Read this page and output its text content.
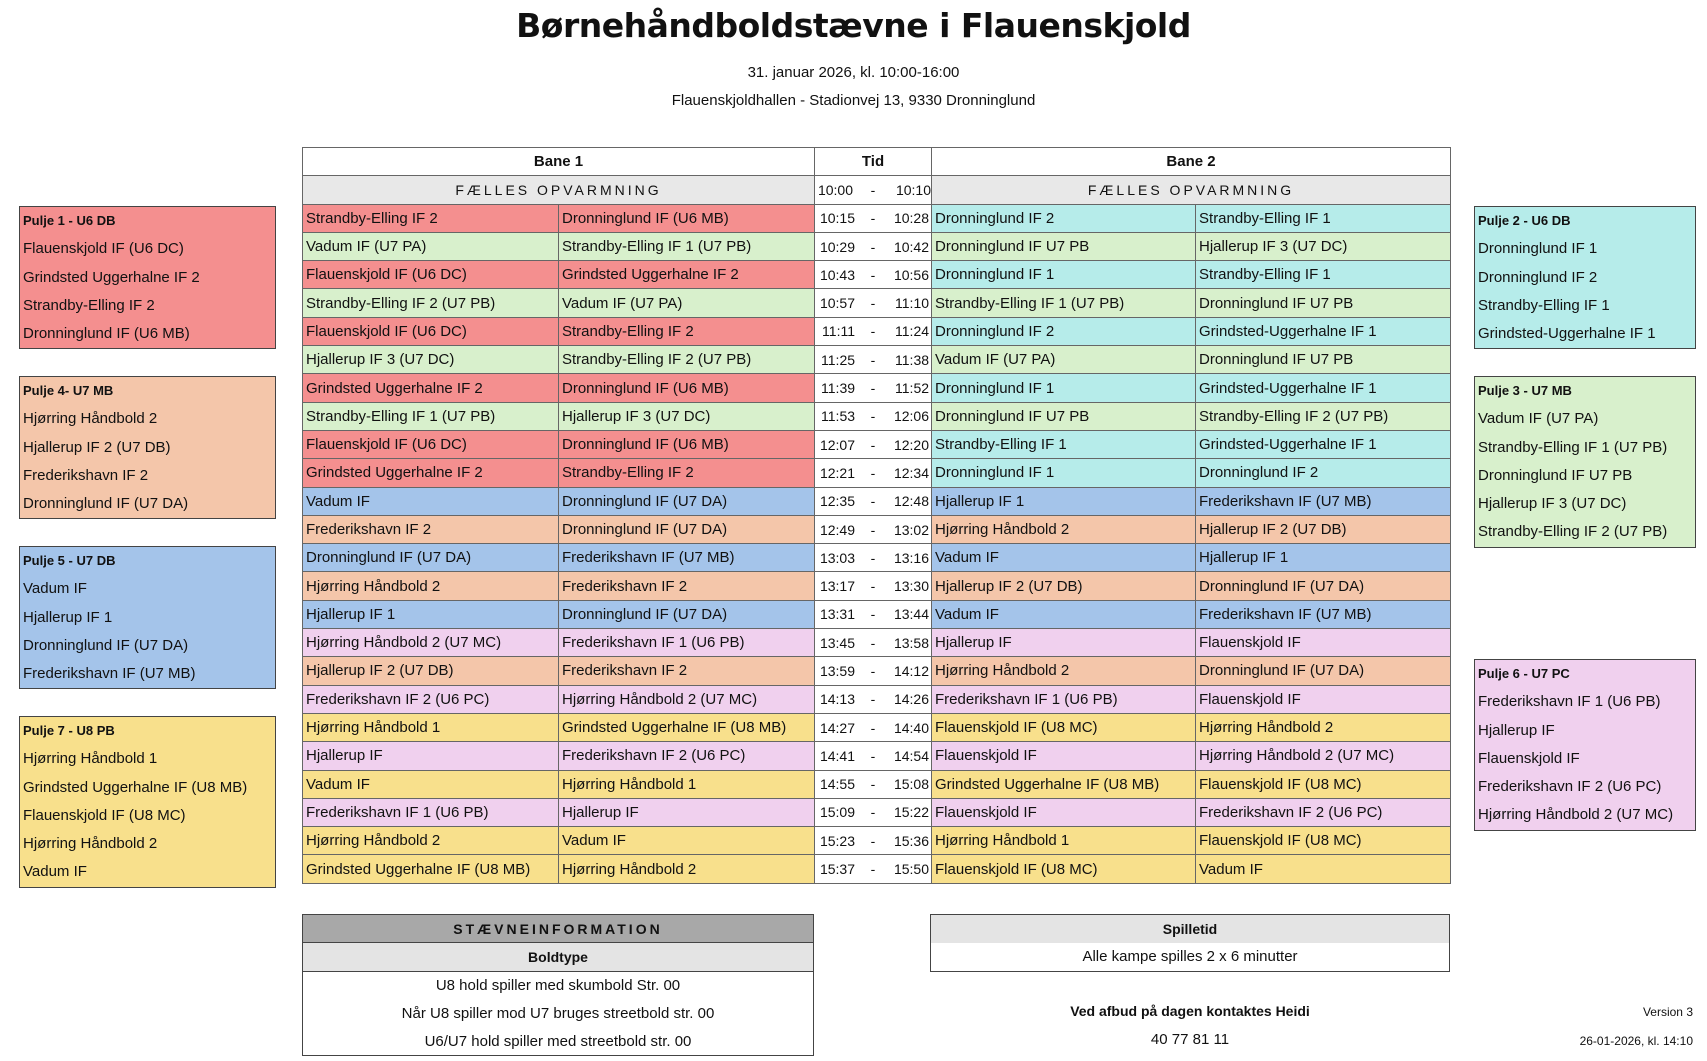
Børnehåndboldstævne i Flauenskjold
31. januar 2026, kl. 10:00-16:00
Flauenskjoldhallen - Stadionvej 13, 9330 Dronninglund
Bane 1		Tid	Bane 2	
FÆLLES OPVARMNING		10:00 - 10:10	FÆLLES OPVARMNING	
Strandby-Elling IF 2	Dronninglund IF (U6 MB)	10:15 - 10:28	Dronninglund IF 2	Strandby-Elling IF 1
Vadum IF (U7 PA)	Strandby-Elling IF 1 (U7 PB)	10:29 - 10:42	Dronninglund IF U7 PB	Hjallerup IF 3 (U7 DC)
Flauenskjold IF (U6 DC)	Grindsted Uggerhalne IF 2	10:43 - 10:56	Dronninglund IF 1	Strandby-Elling IF 1
Strandby-Elling IF 2 (U7 PB)	Vadum IF (U7 PA)	10:57 - 11:10	Strandby-Elling IF 1 (U7 PB)	Dronninglund IF U7 PB
Flauenskjold IF (U6 DC)	Strandby-Elling IF 2	11:11 - 11:24	Dronninglund IF 2	Grindsted-Uggerhalne IF 1
Hjallerup IF 3 (U7 DC)	Strandby-Elling IF 2 (U7 PB)	11:25 - 11:38	Vadum IF (U7 PA)	Dronninglund IF U7 PB
Grindsted Uggerhalne IF 2	Dronninglund IF (U6 MB)	11:39 - 11:52	Dronninglund IF 1	Grindsted-Uggerhalne IF 1
Strandby-Elling IF 1 (U7 PB)	Hjallerup IF 3 (U7 DC)	11:53 - 12:06	Dronninglund IF U7 PB	Strandby-Elling IF 2 (U7 PB)
Flauenskjold IF (U6 DC)	Dronninglund IF (U6 MB)	12:07 - 12:20	Strandby-Elling IF 1	Grindsted-Uggerhalne IF 1
Grindsted Uggerhalne IF 2	Strandby-Elling IF 2	12:21 - 12:34	Dronninglund IF 1	Dronninglund IF 2
Vadum IF	Dronninglund IF (U7 DA)	12:35 - 12:48	Hjallerup IF 1	Frederikshavn IF (U7 MB)
Frederikshavn IF 2	Dronninglund IF (U7 DA)	12:49 - 13:02	Hjørring Håndbold 2	Hjallerup IF 2 (U7 DB)
Dronninglund IF (U7 DA)	Frederikshavn IF (U7 MB)	13:03 - 13:16	Vadum IF	Hjallerup IF 1
Hjørring Håndbold 2	Frederikshavn IF 2	13:17 - 13:30	Hjallerup IF 2 (U7 DB)	Dronninglund IF (U7 DA)
Hjallerup IF 1	Dronninglund IF (U7 DA)	13:31 - 13:44	Vadum IF	Frederikshavn IF (U7 MB)
Hjørring Håndbold 2 (U7 MC)	Frederikshavn IF 1 (U6 PB)	13:45 - 13:58	Hjallerup IF	Flauenskjold IF
Hjallerup IF 2 (U7 DB)	Frederikshavn IF 2	13:59 - 14:12	Hjørring Håndbold 2	Dronninglund IF (U7 DA)
Frederikshavn IF 2 (U6 PC)	Hjørring Håndbold 2 (U7 MC)	14:13 - 14:26	Frederikshavn IF 1 (U6 PB)	Flauenskjold IF
Hjørring Håndbold 1	Grindsted Uggerhalne IF (U8 MB)	14:27 - 14:40	Flauenskjold IF (U8 MC)	Hjørring Håndbold 2
Hjallerup IF	Frederikshavn IF 2 (U6 PC)	14:41 - 14:54	Flauenskjold IF	Hjørring Håndbold 2 (U7 MC)
Vadum IF	Hjørring Håndbold 1	14:55 - 15:08	Grindsted Uggerhalne IF (U8 MB)	Flauenskjold IF (U8 MC)
Frederikshavn IF 1 (U6 PB)	Hjallerup IF	15:09 - 15:22	Flauenskjold IF	Frederikshavn IF 2 (U6 PC)
Hjørring Håndbold 2	Vadum IF	15:23 - 15:36	Hjørring Håndbold 1	Flauenskjold IF (U8 MC)
Grindsted Uggerhalne IF (U8 MB)	Hjørring Håndbold 2	15:37 - 15:50	Flauenskjold IF (U8 MC)	Vadum IF
Pulje 1 - U6 DB
Flauenskjold IF (U6 DC)
Grindsted Uggerhalne IF 2
Strandby-Elling IF 2
Dronninglund IF (U6 MB)
Pulje 4- U7 MB
Hjørring Håndbold 2
Hjallerup IF 2 (U7 DB)
Frederikshavn IF 2
Dronninglund IF (U7 DA)
Pulje 5 - U7 DB
Vadum IF
Hjallerup IF 1
Dronninglund IF (U7 DA)
Frederikshavn IF (U7 MB)
Pulje 7 - U8 PB
Hjørring Håndbold 1
Grindsted Uggerhalne IF (U8 MB)
Flauenskjold IF (U8 MC)
Hjørring Håndbold 2
Vadum IF
Pulje 2 - U6 DB
Dronninglund IF 1
Dronninglund IF 2
Strandby-Elling IF 1
Grindsted-Uggerhalne IF 1
Pulje 3 - U7 MB
Vadum IF (U7 PA)
Strandby-Elling IF 1 (U7 PB)
Dronninglund IF U7 PB
Hjallerup IF 3 (U7 DC)
Strandby-Elling IF 2 (U7 PB)
Pulje 6 - U7 PC
Frederikshavn IF 1 (U6 PB)
Hjallerup IF
Flauenskjold IF
Frederikshavn IF 2 (U6 PC)
Hjørring Håndbold 2 (U7 MC)
STÆVNEINFORMATION
Boldtype
U8 hold spiller med skumbold Str. 00
Når U8 spiller mod U7 bruges streetbold str. 00
U6/U7 hold spiller med streetbold str. 00
Spilletid
Alle kampe spilles 2 x 6 minutter
Ved afbud på dagen kontaktes Heidi
40 77 81 11
Version 3
26-01-2026, kl. 14:10
